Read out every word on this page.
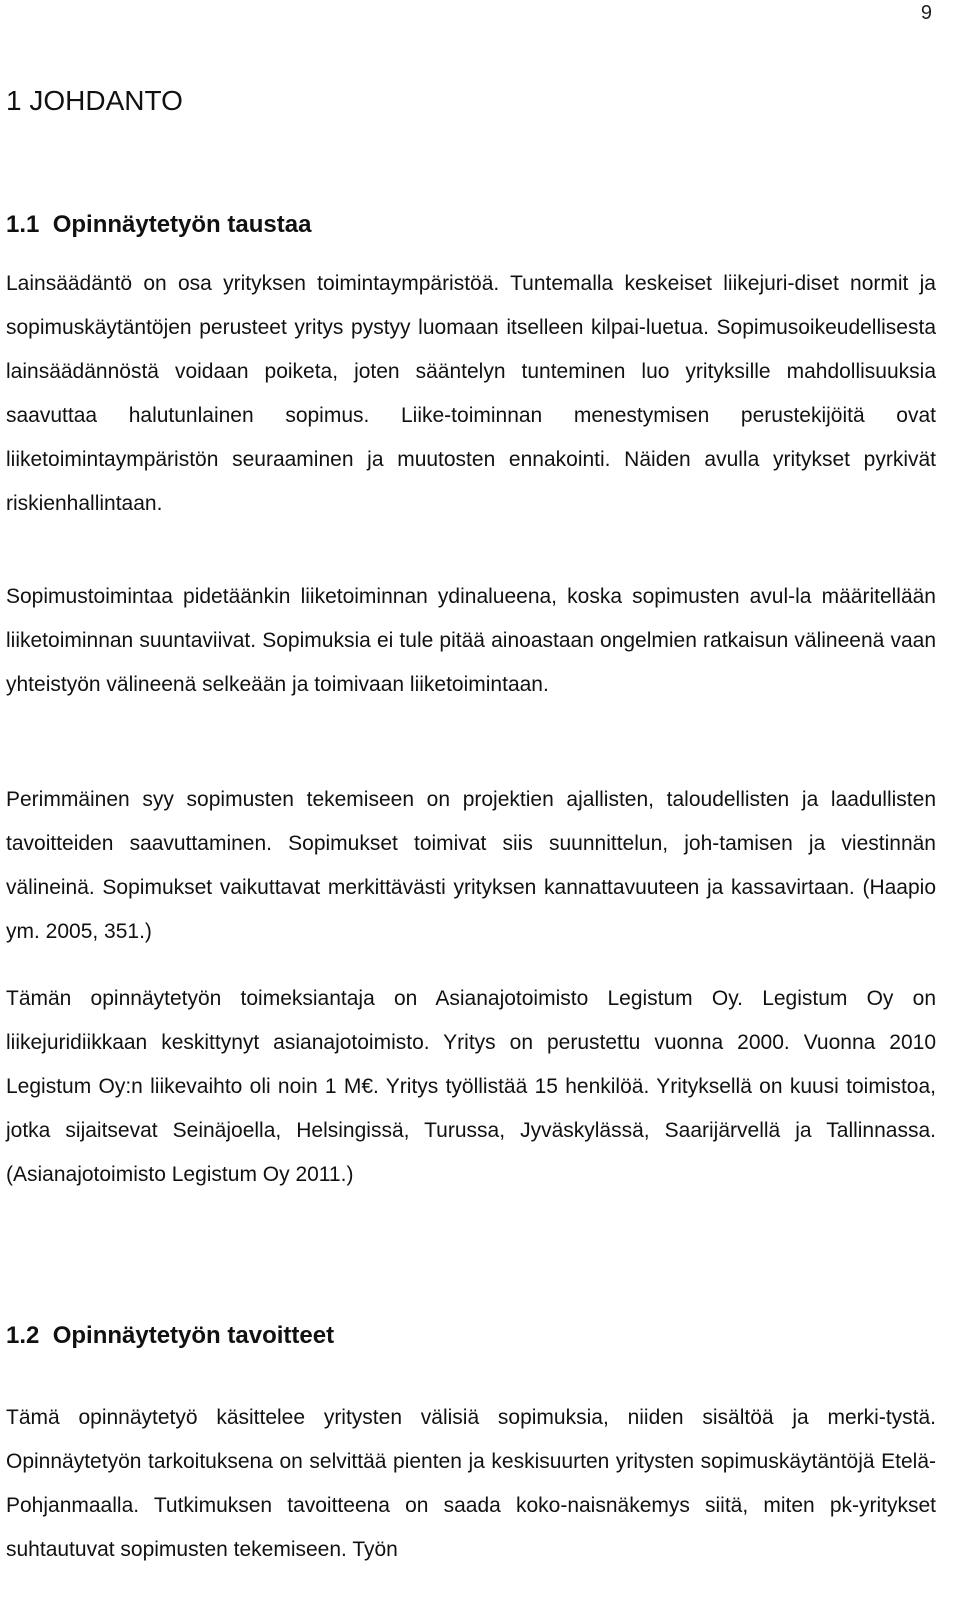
9
1 JOHDANTO
1.1  Opinnäytetyön taustaa

Lainsäädäntö on osa yrityksen toimintaympäristöä. Tuntemalla keskeiset liikejuri-diset normit ja sopimuskäytäntöjen perusteet yritys pystyy luomaan itselleen kilpai-luetua. Sopimusoikeudellisesta lainsäädännöstä voidaan poiketa, joten sääntelyn tunteminen luo yrityksille mahdollisuuksia saavuttaa halutunlainen sopimus. Liike-toiminnan menestymisen perustekijöitä ovat liiketoimintaympäristön seuraaminen ja muutosten ennakointi. Näiden avulla yritykset pyrkivät riskienhallintaan.

Sopimustoimintaa pidetäänkin liiketoiminnan ydinalueena, koska sopimusten avul-la määritellään liiketoiminnan suuntaviivat. Sopimuksia ei tule pitää ainoastaan ongelmien ratkaisun välineenä vaan yhteistyön välineenä selkeään ja toimivaan liiketoimintaan.

Perimmäinen syy sopimusten tekemiseen on projektien ajallisten, taloudellisten ja laadullisten tavoitteiden saavuttaminen. Sopimukset toimivat siis suunnittelun, joh-tamisen ja viestinnän välineinä. Sopimukset vaikuttavat merkittävästi yrityksen kannattavuuteen ja kassavirtaan. (Haapio ym. 2005, 351.)

Tämän opinnäytetyön toimeksiantaja on Asianajotoimisto Legistum Oy. Legistum Oy on liikejuridiikkaan keskittynyt asianajotoimisto. Yritys on perustettu vuonna 2000. Vuonna 2010 Legistum Oy:n liikevaihto oli noin 1 M€. Yritys työllistää 15 henkilöä. Yrityksellä on kuusi toimistoa, jotka sijaitsevat Seinäjoella, Helsingissä, Turussa, Jyväskylässä, Saarijärvellä ja Tallinnassa. (Asianajotoimisto Legistum Oy 2011.)

1.2  Opinnäytetyön tavoitteet

Tämä opinnäytetyö käsittelee yritysten välisiä sopimuksia, niiden sisältöä ja merki-tystä. Opinnäytetyön tarkoituksena on selvittää pienten ja keskisuurten yritysten sopimuskäytäntöjä Etelä-Pohjanmaalla. Tutkimuksen tavoitteena on saada koko-naisnäkemys siitä, miten pk-yritykset suhtautuvat sopimusten tekemiseen. Työn
